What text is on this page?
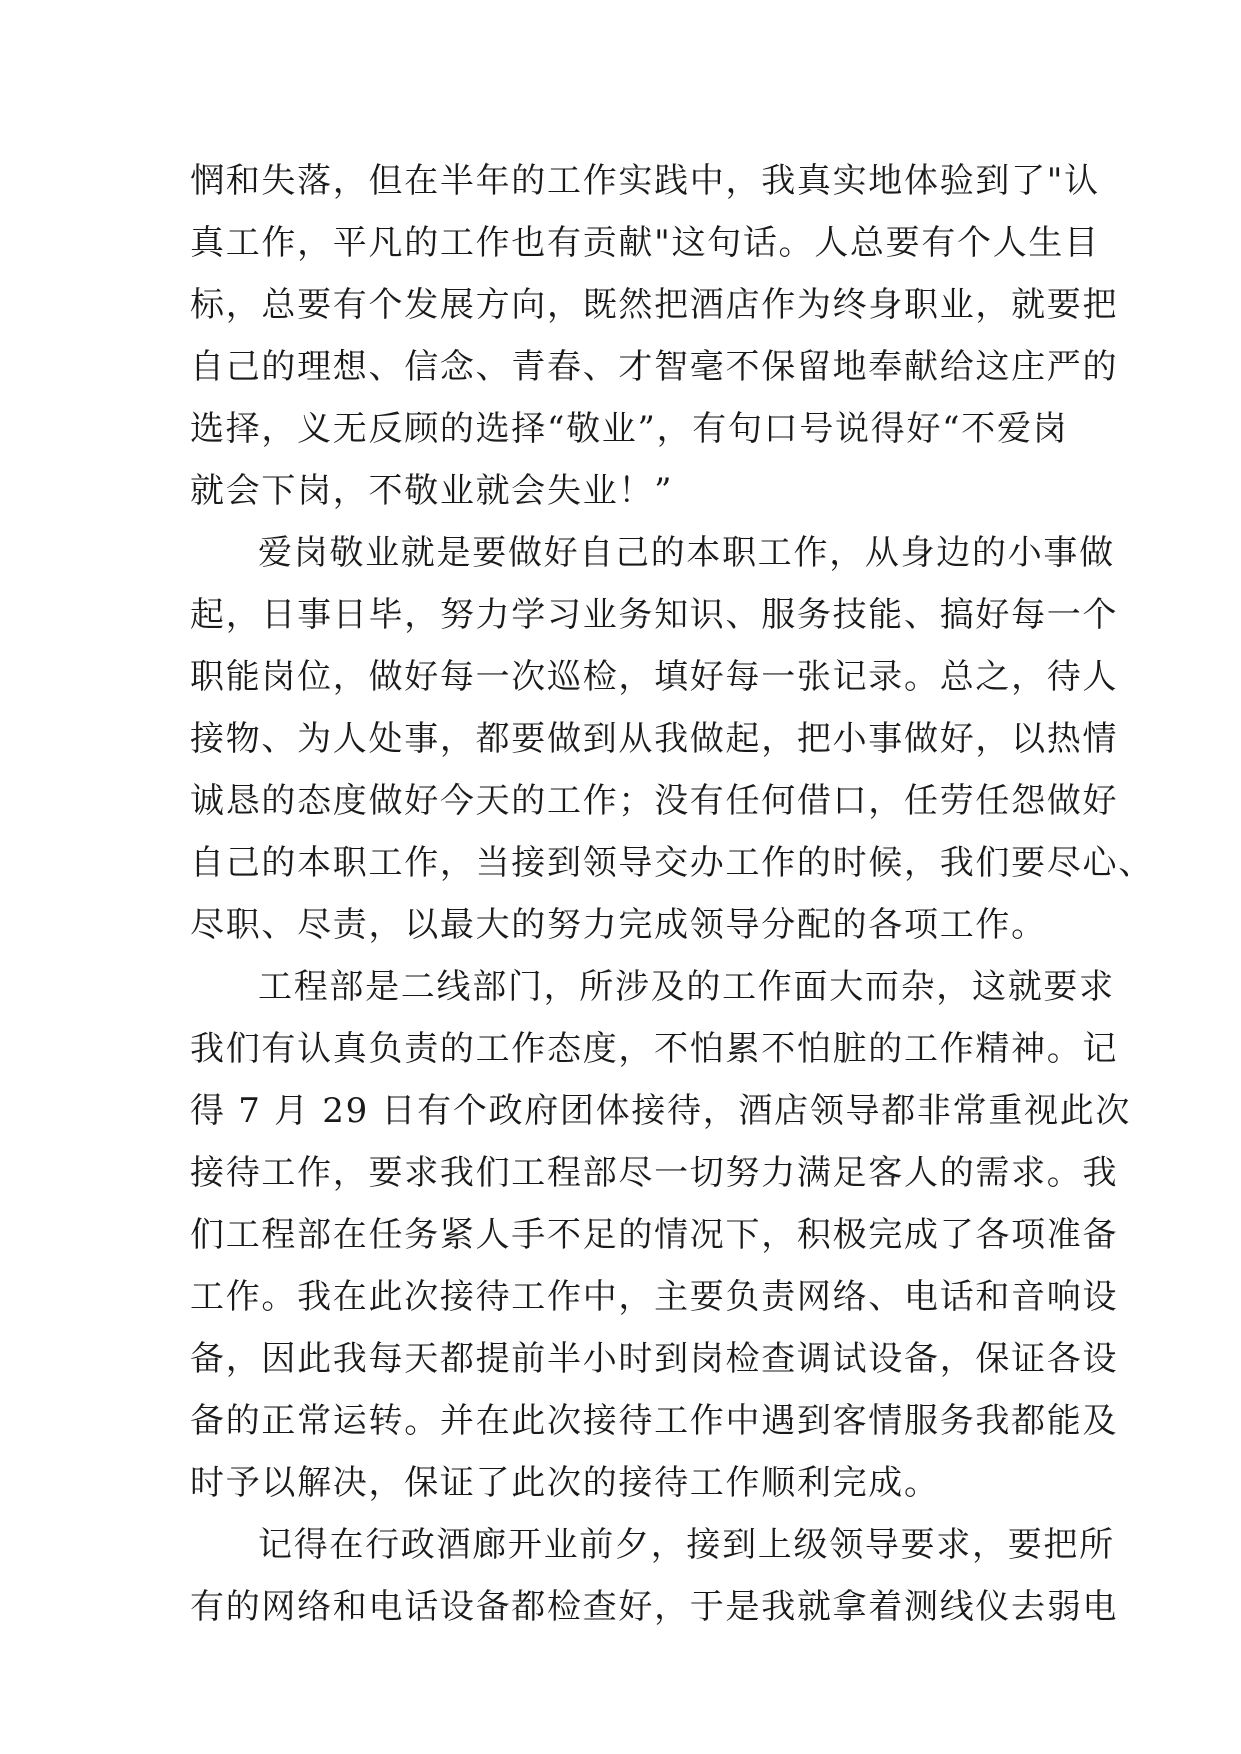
惘和失落，但在半年的工作实践中，我真实地体验到了"认
真工作，平凡的工作也有贡献"这句话。人总要有个人生目
标，总要有个发展方向，既然把酒店作为终身职业，就要把
自己的理想、信念、青春、才智毫不保留地奉献给这庄严的
选择，义无反顾的选择“敬业”，有句口号说得好“不爱岗
就会下岗，不敬业就会失业！”
爱岗敬业就是要做好自己的本职工作，从身边的小事做
起，日事日毕，努力学习业务知识、服务技能、搞好每一个
职能岗位，做好每一次巡检，填好每一张记录。总之，待人
接物、为人处事，都要做到从我做起，把小事做好，以热情
诚恳的态度做好今天的工作；没有任何借口，任劳任怨做好
自己的本职工作，当接到领导交办工作的时候，我们要尽心、
尽职、尽责，以最大的努力完成领导分配的各项工作。
工程部是二线部门，所涉及的工作面大而杂，这就要求
我们有认真负责的工作态度，不怕累不怕脏的工作精神。记
得 7 月 29 日有个政府团体接待，酒店领导都非常重视此次
接待工作，要求我们工程部尽一切努力满足客人的需求。我
们工程部在任务紧人手不足的情况下，积极完成了各项准备
工作。我在此次接待工作中，主要负责网络、电话和音响设
备，因此我每天都提前半小时到岗检查调试设备，保证各设
备的正常运转。并在此次接待工作中遇到客情服务我都能及
时予以解决，保证了此次的接待工作顺利完成。
记得在行政酒廊开业前夕，接到上级领导要求，要把所
有的网络和电话设备都检查好，于是我就拿着测线仪去弱电
